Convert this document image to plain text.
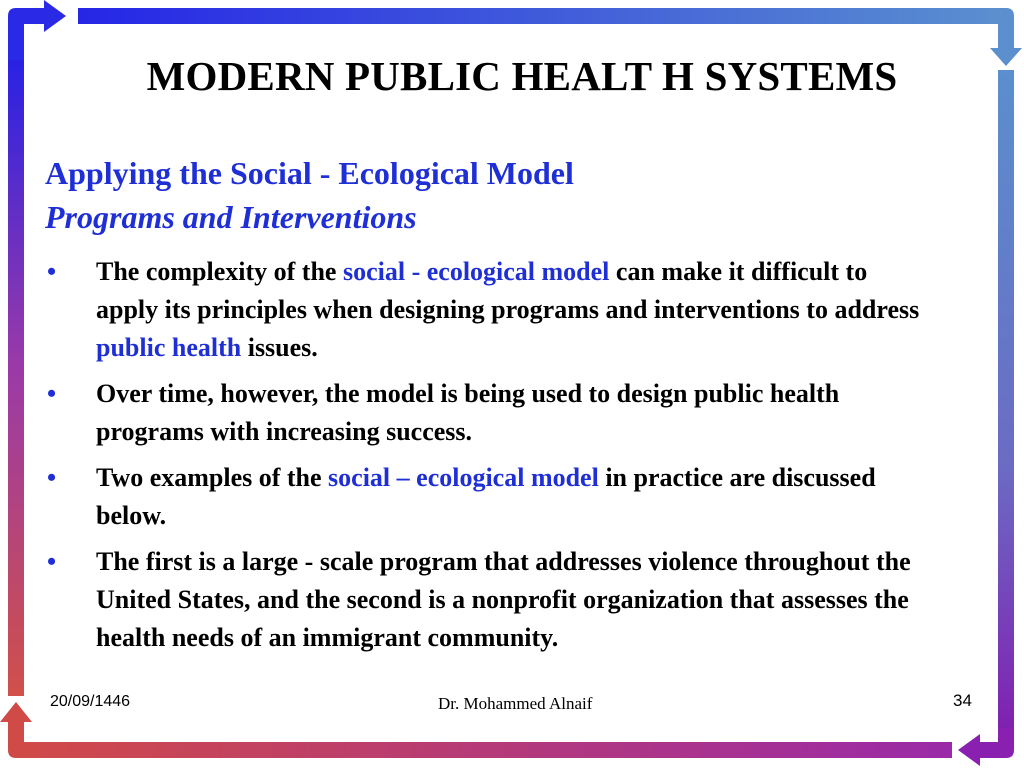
MODERN PUBLIC HEALT H SYSTEMS
Applying the Social - Ecological Model
Programs and Interventions
• The complexity of the social - ecological model can make it difficult to apply its principles when designing programs and interventions to address public health issues.
• Over time, however, the model is being used to design public health programs with increasing success.
• Two examples of the social – ecological model in practice are discussed below.
• The first is a large - scale program that addresses violence throughout the United States, and the second is a nonprofit organization that assesses the health needs of an immigrant community.
20/09/1446	Dr. Mohammed Alnaif	34
